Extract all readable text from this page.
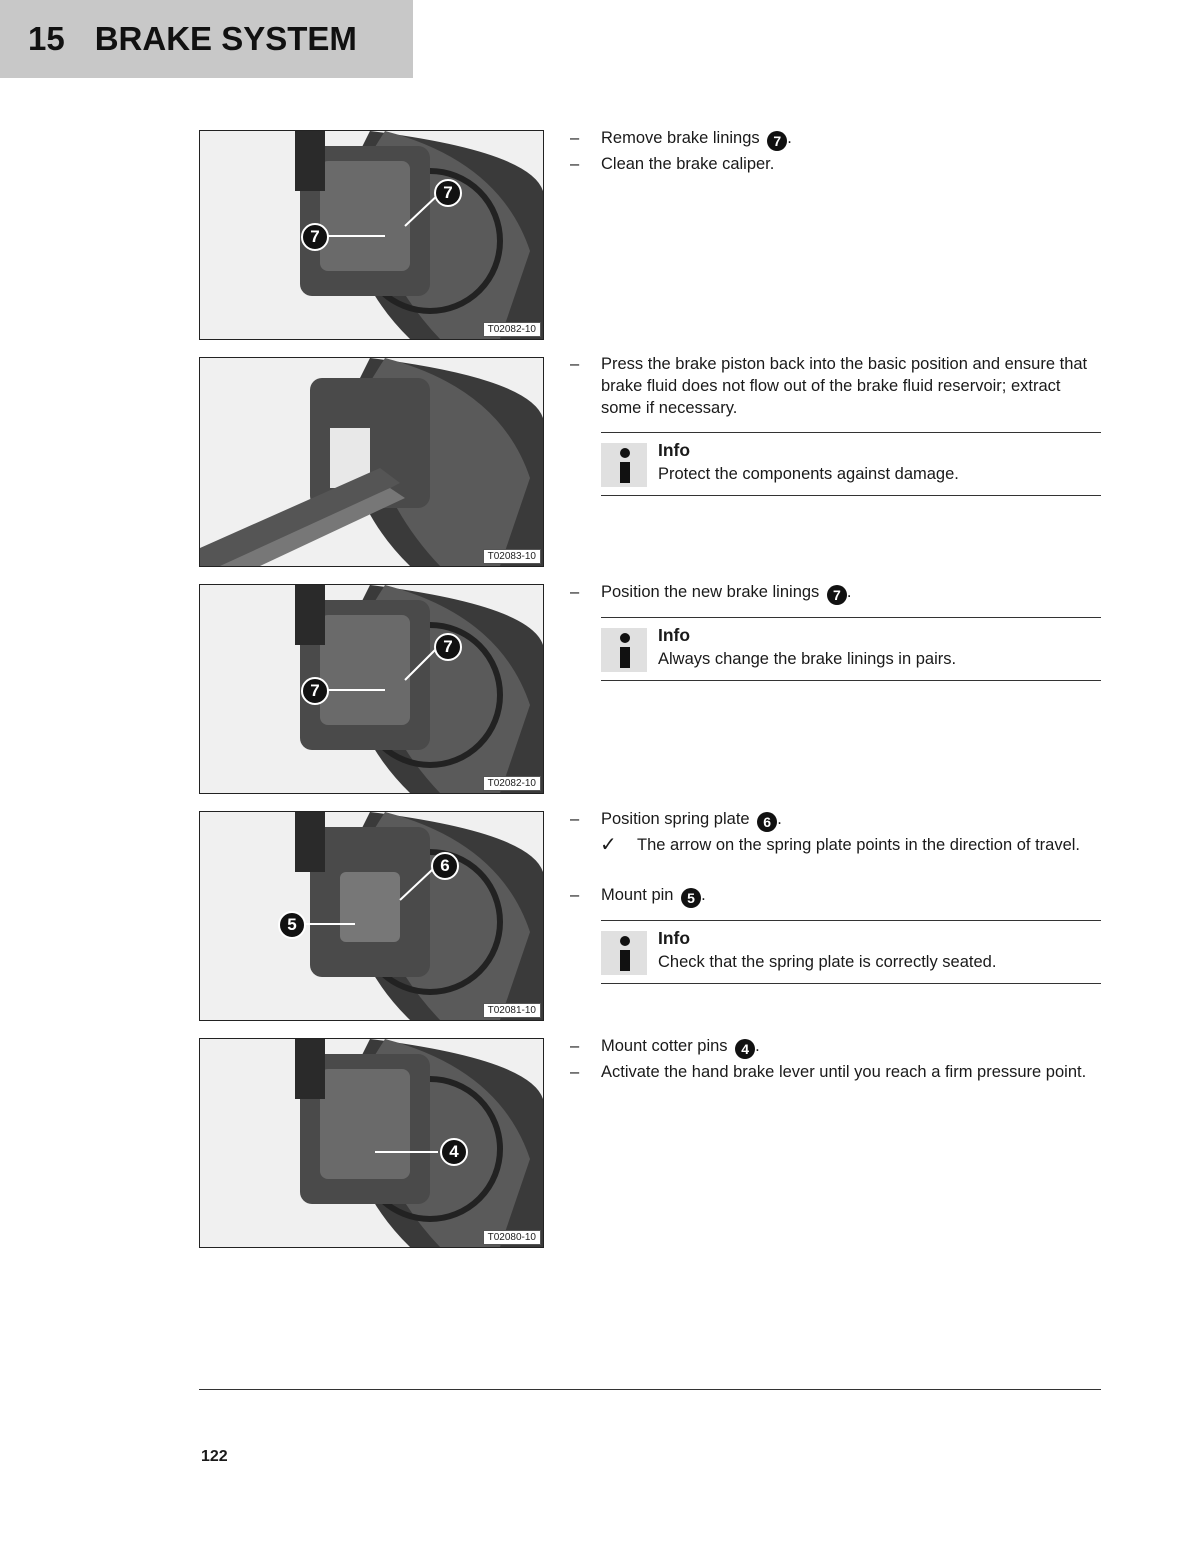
15 BRAKE SYSTEM
7
7
T02082-10
T02083-10
7
7
T02082-10
6
5
T02081-10
4
T02080-10
–	Remove brake linings 7 .
–	Clean the brake caliper.
–	Press the brake piston back into the basic position and ensure that brake fluid does not flow out of the brake fluid reservoir; extract some if necessary.
Info
Protect the components against damage.
–	Position the new brake linings 7 .
Info
Always change the brake linings in pairs.
–	Position spring plate 6 .
✓ The arrow on the spring plate points in the direction of travel.
–	Mount pin 5 .
Info
Check that the spring plate is correctly seated.
–	Mount cotter pins 4 .
–	Activate the hand brake lever until you reach a firm pressure point.
122
